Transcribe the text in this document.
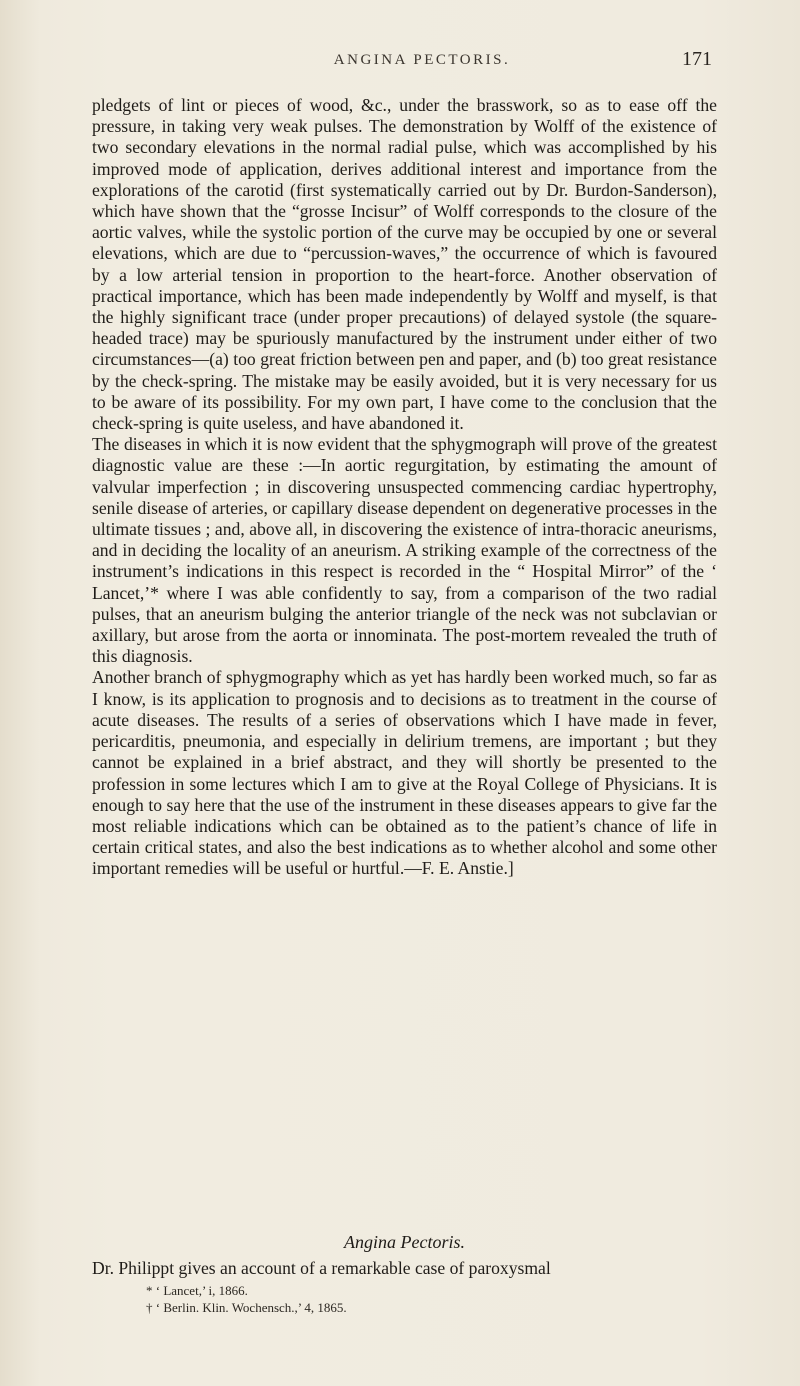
ANGINA PECTORIS.	171

pledgets of lint or pieces of wood, &c., under the brasswork, so as to ease off the pressure, in taking very weak pulses. The demonstration by Wolff of the existence of two secondary elevations in the normal radial pulse, which was accomplished by his improved mode of application, derives additional interest and importance from the explorations of the carotid (first systematically carried out by Dr. Burdon-Sanderson), which have shown that the “grosse Incisur” of Wolff corresponds to the closure of the aortic valves, while the systolic portion of the curve may be occupied by one or several elevations, which are due to “percussion-waves,” the occurrence of which is favoured by a low arterial tension in proportion to the heart-force. Another observation of practical importance, which has been made independently by Wolff and myself, is that the highly significant trace (under proper precautions) of delayed systole (the square-headed trace) may be spuriously manufactured by the instrument under either of two circumstances—(a) too great friction between pen and paper, and (b) too great resistance by the check-spring. The mistake may be easily avoided, but it is very necessary for us to be aware of its possibility. For my own part, I have come to the conclusion that the check-spring is quite useless, and have abandoned it.

The diseases in which it is now evident that the sphygmograph will prove of the greatest diagnostic value are these :—In aortic regurgitation, by estimating the amount of valvular imperfection ; in discovering unsuspected commencing cardiac hypertrophy, senile disease of arteries, or capillary disease dependent on degenerative processes in the ultimate tissues ; and, above all, in discovering the existence of intra-thoracic aneurisms, and in deciding the locality of an aneurism. A striking example of the correctness of the instrument’s indications in this respect is recorded in the “ Hospital Mirror” of the ‘ Lancet,’* where I was able confidently to say, from a comparison of the two radial pulses, that an aneurism bulging the anterior triangle of the neck was not subclavian or axillary, but arose from the aorta or innominata. The post-mortem revealed the truth of this diagnosis.

Another branch of sphygmography which as yet has hardly been worked much, so far as I know, is its application to prognosis and to decisions as to treatment in the course of acute diseases. The results of a series of observations which I have made in fever, pericarditis, pneumonia, and especially in delirium tremens, are important ; but they cannot be explained in a brief abstract, and they will shortly be presented to the profession in some lectures which I am to give at the Royal College of Physicians. It is enough to say here that the use of the instrument in these diseases appears to give far the most reliable indications which can be obtained as to the patient’s chance of life in certain critical states, and also the best indications as to whether alcohol and some other important remedies will be useful or hurtful.—F. E. Anstie.]

Angina Pectoris.
Dr. Philippt gives an account of a remarkable case of paroxysmal
* ‘ Lancet,’ i, 1866.
† ‘ Berlin. Klin. Wochensch.,’ 4, 1865.
